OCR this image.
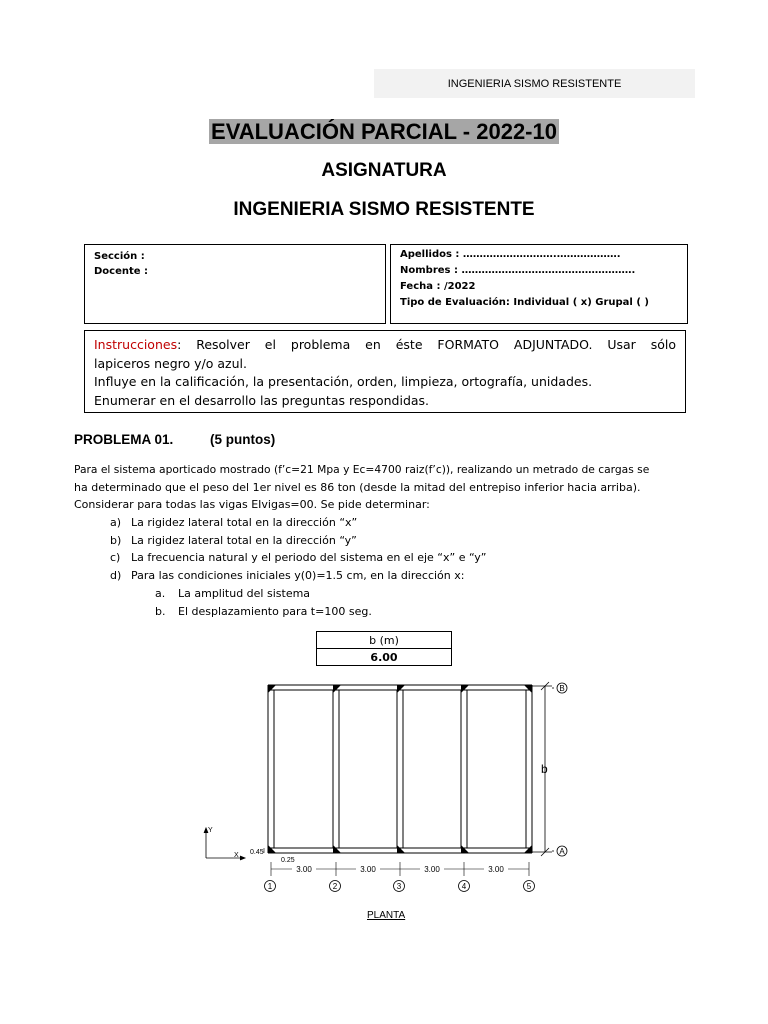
INGENIERIA SISMO RESISTENTE
EVALUACIÓN PARCIAL - 2022-10
ASIGNATURA
INGENIERIA SISMO RESISTENTE
Sección :
Docente :
Apellidos : ……………………….……………….
Nombres : …………………………………………….
Fecha : /2022
Tipo de Evaluación: Individual ( x) Grupal ( )
Instrucciones: Resolver el problema en éste FORMATO ADJUNTADO. Usar sólo
lapiceros negro y/o azul.
Influye en la calificación, la presentación, orden, limpieza, ortografía, unidades.
Enumerar en el desarrollo las preguntas respondidas.
PROBLEMA 01.	(5 puntos)
Para el sistema aporticado mostrado (f’c=21 Mpa y Ec=4700 raiz(f’c)), realizando un metrado de cargas se
ha determinado que el peso del 1er nivel es 86 ton (desde la mitad del entrepiso inferior hacia arriba).
Considerar para todas las vigas EIvigas=00. Se pide determinar:
a) La rigidez lateral total en la dirección “x”
b) La rigidez lateral total en la dirección “y”
c) La frecuencia natural y el periodo del sistema en el eje “x” e “y”
d) Para las condiciones iniciales y(0)=1.5 cm, en la dirección x:
a. La amplitud del sistema
b. El desplazamiento para t=100 seg.
b (m)
6.00
b
B
A
Y
X 0.45
0.25
3.00	3.00	3.00	3.00
1	2	3	4	5
PLANTA
